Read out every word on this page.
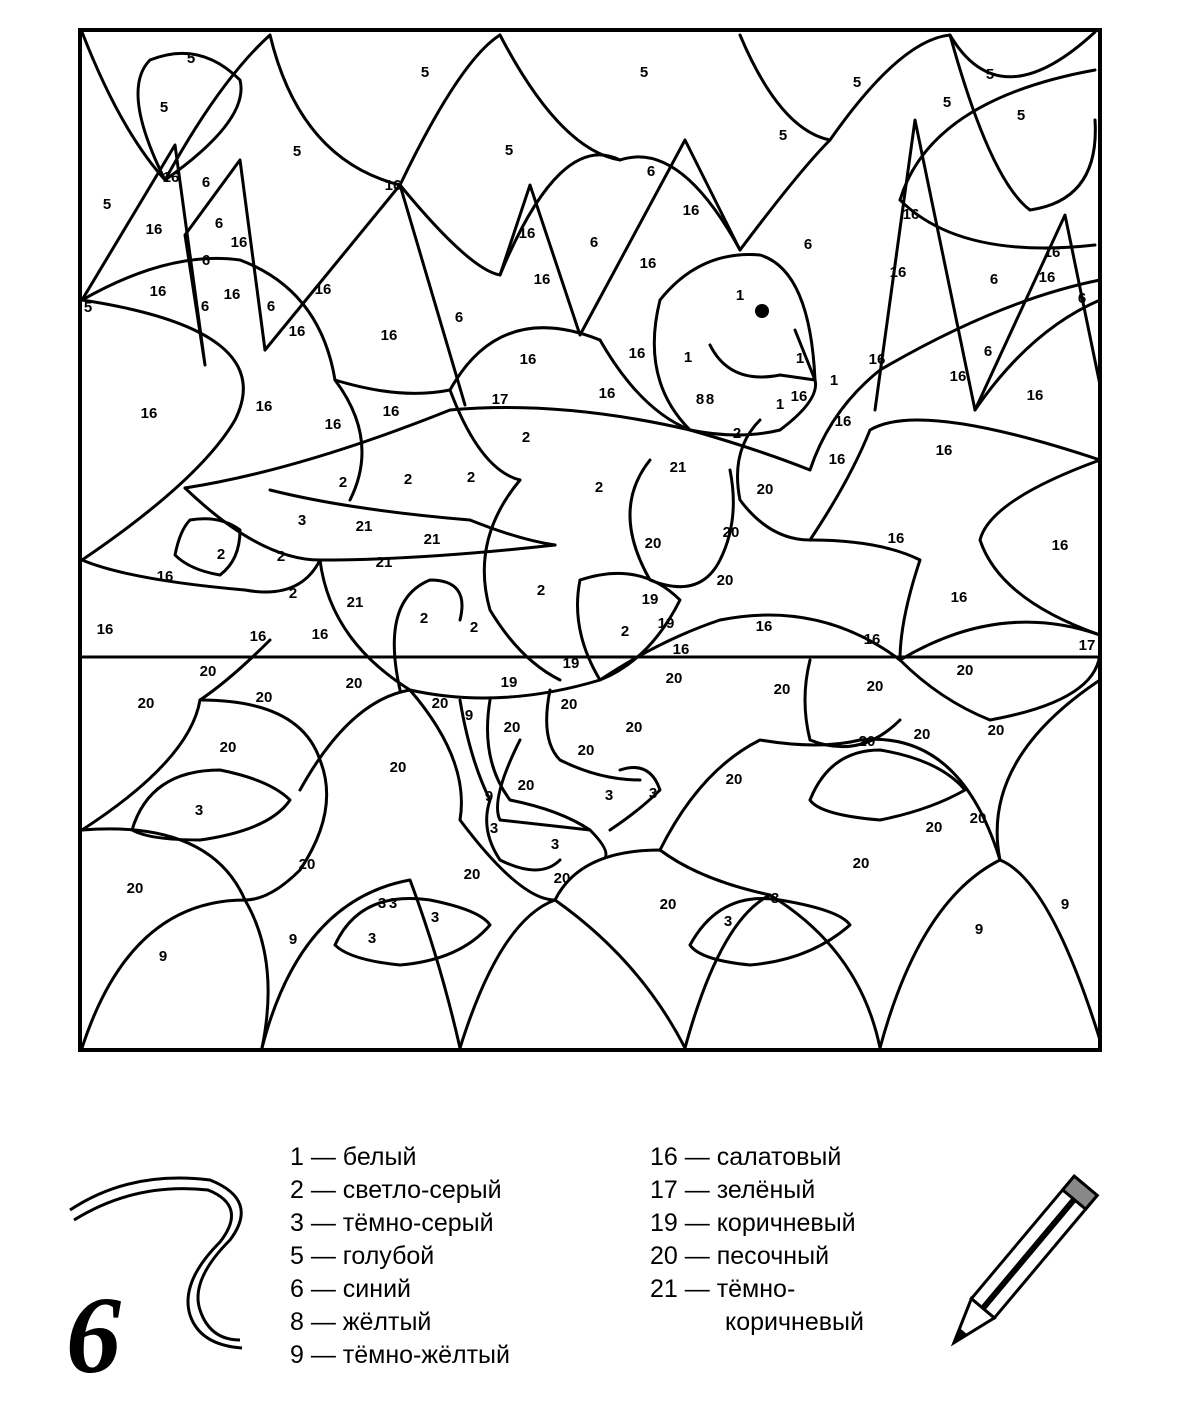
5
5	5
5	5
5	5
5
5	5
5
5
5
6
6
6
6	6
6
6
6
6
6
6
6
16	16
16
16
16
16
16
16
16
16	16
16
16
16
16	16
16
16	16	16
16	16
16
16
16	16
16
16
16
16
16
16	16
16
16	16	16	16
16
16
16	17
17	8 8
1
1	1
1
1
2
2	2
2
2
2	2	2
2
2
2
2	2 19
19
19
19
3	21
21
21
21
21
20
20
20
20
20
20	20
20
20
20
20
20
20
20
20
20	20
20
20	20
20
20
20	20
20
20
20
20
20
20
20
20
9
9
9
9
9
9	3
3
3
3
3
3 3
3
3
3
3
6
1 — белый
2 — светло-серый
3 — тёмно-серый
5 — голубой
6 — синий
8 — жёлтый
9 — тёмно-жёлтый
16 — салатовый
17 — зелёный
19 — коричневый
20 — песочный
21 — тёмно-
коричневый
